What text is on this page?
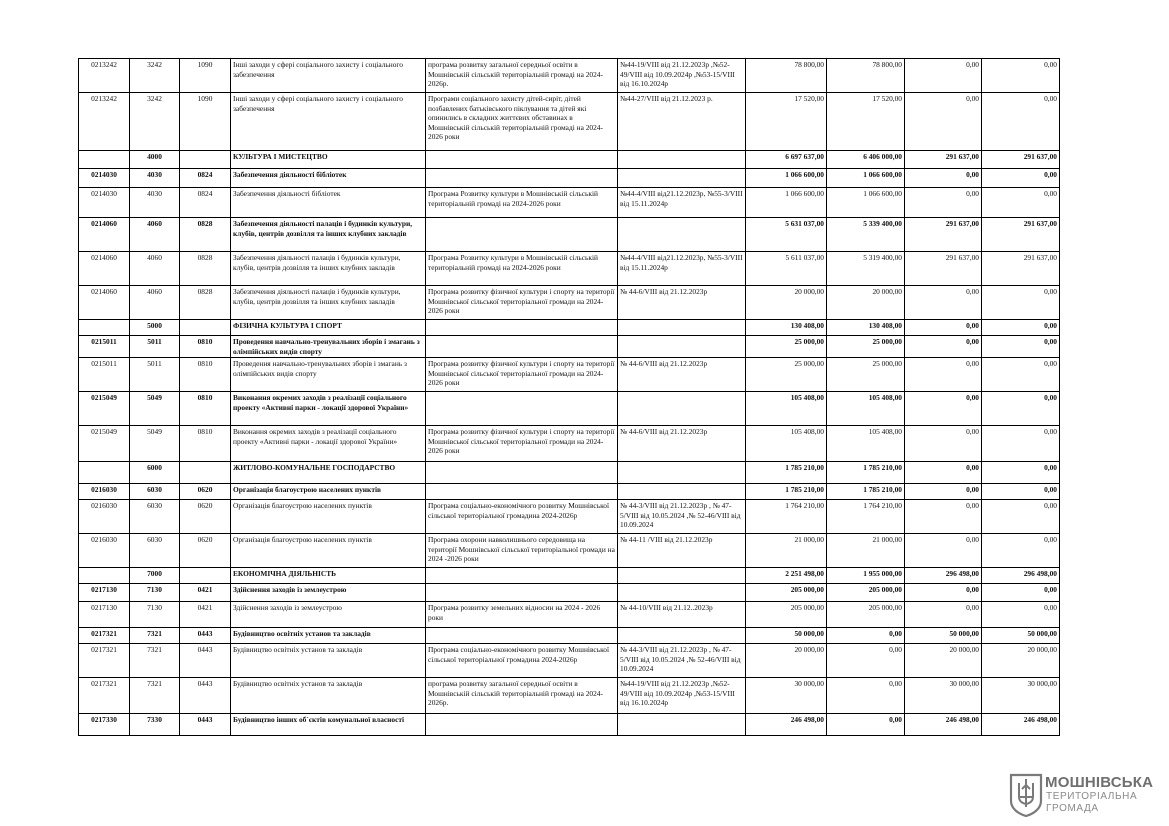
0213242	3242	1090	Інші заходи у сфері соціального захисту і соціального забезпечення	програма розвитку загальної середньої освіти в Мошнівській сільській територіальній громаді на 2024-2026р.	№44-19/VIII від 21.12.2023р ,№52-49/VIII від 10.09.2024р ,№53-15/VIII від 16.10.2024р	78 800,00	78 800,00	0,00	0,00
0213242	3242	1090	Інші заходи у сфері соціального захисту і соціального забезпечення	Програми соціального захисту дітей-сиріт, дітей позбавлених батьківського піклування та дітей які опинились в складних життєвих обставинах в Мошнівській сільській територіальній громаді на 2024-2026 роки	№44-27/VIII від 21.12.2023 р.	17 520,00	17 520,00	0,00	0,00
	4000		КУЛЬТУРА І МИСТЕЦТВО			6 697 637,00	6 406 000,00	291 637,00	291 637,00
0214030	4030	0824	Забезпечення діяльності бібліотек			1 066 600,00	1 066 600,00	0,00	0,00
0214030	4030	0824	Забезпечення діяльності бібліотек	Програма Розвитку культури в Мошнівській сільській територіальній громаді на 2024-2026 роки	№44-4/VIII від21.12.2023р, №55-3/VIII від 15.11.2024р	1 066 600,00	1 066 600,00	0,00	0,00
0214060	4060	0828	Забезпечення діяльності палаців i будинків культури, клубів, центрів дозвілля та iнших клубних закладів			5 631 037,00	5 339 400,00	291 637,00	291 637,00
0214060	4060	0828	Забезпечення діяльності палаців i будинків культури, клубів, центрів дозвілля та iнших клубних закладів	Програма Розвитку культури в Мошнівській сільській територіальній громаді на 2024-2026 роки	№44-4/VIII від21.12.2023р, №55-3/VIII від 15.11.2024р	5 611 037,00	5 319 400,00	291 637,00	291 637,00
0214060	4060	0828	Забезпечення діяльності палаців i будинків культури, клубів, центрів дозвілля та iнших клубних закладів	Програма розвитку фізичної культури і спорту на території Мошнівської сільської територіальної громади на 2024-2026 роки	№ 44-6/VIII від 21.12.2023р	20 000,00	20 000,00	0,00	0,00
	5000		ФІЗИЧНА КУЛЬТУРА І СПОРТ			130 408,00	130 408,00	0,00	0,00
0215011	5011	0810	Проведення навчально-тренувальних зборів і змагань з олімпійських видів спорту			25 000,00	25 000,00	0,00	0,00
0215011	5011	0810	Проведення навчально-тренувальних зборів і змагань з олімпійських видів спорту	Програма розвитку фізичної культури і спорту на території Мошнівської сільської територіальної громади на 2024-2026 роки	№ 44-6/VIII від 21.12.2023р	25 000,00	25 000,00	0,00	0,00
0215049	5049	0810	Виконання окремих заходів з реалізації соціального проекту «Активні парки - локації здорової України»			105 408,00	105 408,00	0,00	0,00
0215049	5049	0810	Виконання окремих заходів з реалізації соціального проекту «Активні парки - локації здорової України»	Програма розвитку фізичної культури і спорту на території Мошнівської сільської територіальної громади на 2024-2026 роки	№ 44-6/VIII від 21.12.2023р	105 408,00	105 408,00	0,00	0,00
	6000		ЖИТЛОВО-КОМУНАЛЬНЕ ГОСПОДАРСТВО			1 785 210,00	1 785 210,00	0,00	0,00
0216030	6030	0620	Організація благоустрою населених пунктів			1 785 210,00	1 785 210,00	0,00	0,00
0216030	6030	0620	Організація благоустрою населених пунктів	Програма соціально-економічного розвитку Мошнівської сільської територіальної громадина 2024-2026р	№ 44-3/VIII від 21.12.2023р , № 47-5/VIII від 10.05.2024 ,№ 52-46/VIII від 10.09.2024	1 764 210,00	1 764 210,00	0,00	0,00
0216030	6030	0620	Організація благоустрою населених пунктів	Програма охорони навколишнього середовища на території Мошнівської сільської територіальної громади на 2024 -2026 роки	№ 44-11 /VIII від 21.12.2023р	21 000,00	21 000,00	0,00	0,00
	7000		ЕКОНОМІЧНА ДІЯЛЬНІСТЬ			2 251 498,00	1 955 000,00	296 498,00	296 498,00
0217130	7130	0421	Здійснення заходів із землеустрою			205 000,00	205 000,00	0,00	0,00
0217130	7130	0421	Здійснення заходів із землеустрою	Програма розвитку земельних відносин на 2024 - 2026 роки	№ 44-10/VIII від 21.12..2023р	205 000,00	205 000,00	0,00	0,00
0217321	7321	0443	Будівництво освітніх установ та закладів			50 000,00	0,00	50 000,00	50 000,00
0217321	7321	0443	Будівництво освітніх установ та закладів	Програма соціально-економічного розвитку Мошнівської сільської територіальної громадина 2024-2026р	№ 44-3/VIII від 21.12.2023р , № 47-5/VIII від 10.05.2024 ,№ 52-46/VIII від 10.09.2024	20 000,00	0,00	20 000,00	20 000,00
0217321	7321	0443	Будівництво освітніх установ та закладів	програма розвитку загальної середньої освіти в Мошнівській сільській територіальній громаді на 2024-2026р.	№44-19/VIII від 21.12.2023р ,№52-49/VIII від 10.09.2024р ,№53-15/VIII від 16.10.2024р	30 000,00	0,00	30 000,00	30 000,00
0217330	7330	0443	Будівництво інших об`єктів комунальної власності			246 498,00	0,00	246 498,00	246 498,00
МОШНІВСЬКА
ТЕРИТОРІАЛЬНА
ГРОМАДА
